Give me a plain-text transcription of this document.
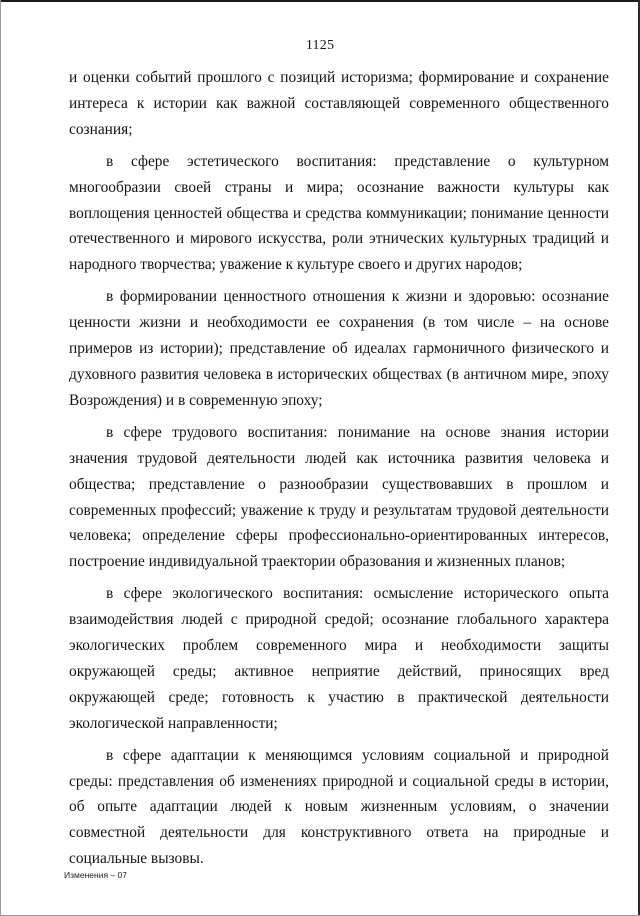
1125

и оценки событий прошлого с позиций историзма; формирование и сохранение интереса к истории как важной составляющей современного общественного сознания;

в сфере эстетического воспитания: представление о культурном многообразии своей страны и мира; осознание важности культуры как воплощения ценностей общества и средства коммуникации; понимание ценности отечественного и мирового искусства, роли этнических культурных традиций и народного творчества; уважение к культуре своего и других народов;

в формировании ценностного отношения к жизни и здоровью: осознание ценности жизни и необходимости ее сохранения (в том числе – на основе примеров из истории); представление об идеалах гармоничного физического и духовного развития человека в исторических обществах (в античном мире, эпоху Возрождения) и в современную эпоху;

в сфере трудового воспитания: понимание на основе знания истории значения трудовой деятельности людей как источника развития человека и общества; представление о разнообразии существовавших в прошлом и современных профессий; уважение к труду и результатам трудовой деятельности человека; определение сферы профессионально-ориентированных интересов, построение индивидуальной траектории образования и жизненных планов;

в сфере экологического воспитания: осмысление исторического опыта взаимодействия людей с природной средой; осознание глобального характера экологических проблем современного мира и необходимости защиты окружающей среды; активное неприятие действий, приносящих вред окружающей среде; готовность к участию в практической деятельности экологической направленности;

в сфере адаптации к меняющимся условиям социальной и природной среды: представления об изменениях природной и социальной среды в истории, об опыте адаптации людей к новым жизненным условиям, о значении совместной деятельности для конструктивного ответа на природные и социальные вызовы.

Изменения – 07
